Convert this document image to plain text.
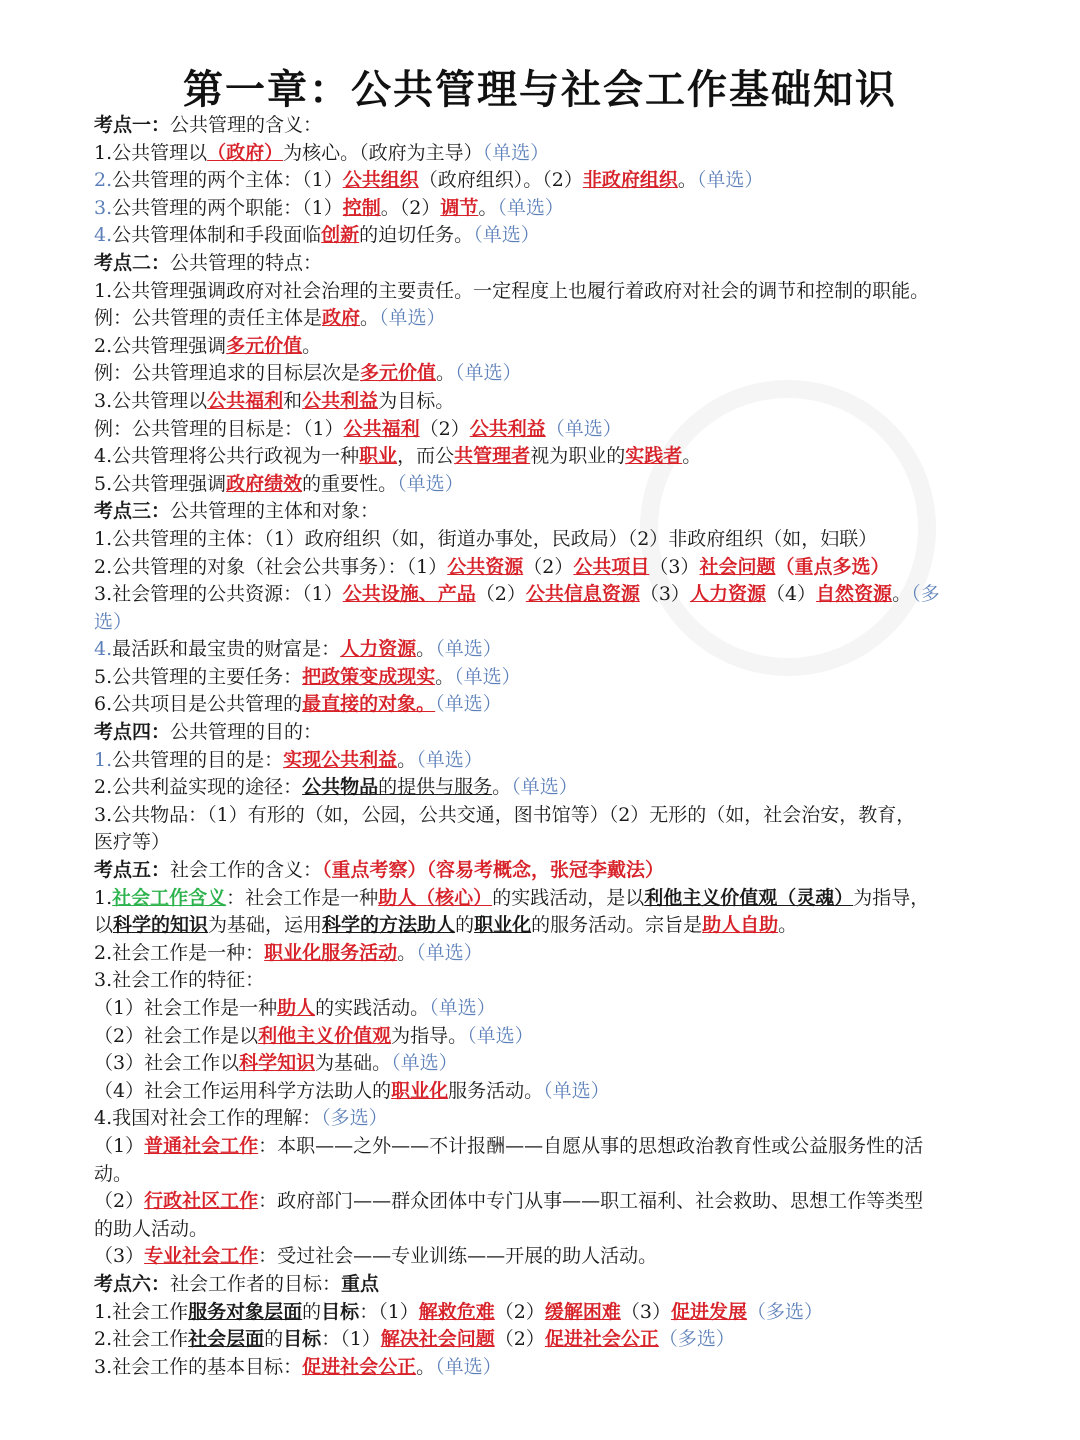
第一章：公共管理与社会工作基础知识
考点一：公共管理的含义：
1.公共管理以（政府）为核心。（政府为主导）（单选）
2.公共管理的两个主体：（1）公共组织（政府组织）。（2）非政府组织。（单选）
3.公共管理的两个职能：（1）控制。（2）调节。（单选）
4.公共管理体制和手段面临创新的迫切任务。（单选）
考点二：公共管理的特点：
1.公共管理强调政府对社会治理的主要责任。一定程度上也履行着政府对社会的调节和控制的职能。
例：公共管理的责任主体是政府。（单选）
2.公共管理强调多元价值。
例：公共管理追求的目标层次是多元价值。（单选）
3.公共管理以公共福利和公共利益为目标。
例：公共管理的目标是：（1）公共福利（2）公共利益（单选）
4.公共管理将公共行政视为一种职业，而公共管理者视为职业的实践者。
5.公共管理强调政府绩效的重要性。（单选）
考点三：公共管理的主体和对象：
1.公共管理的主体：（1）政府组织（如，街道办事处，民政局）（2）非政府组织（如，妇联）
2.公共管理的对象（社会公共事务）：（1）公共资源（2）公共项目（3）社会问题（重点多选）
3.社会管理的公共资源：（1）公共设施、产品（2）公共信息资源（3）人力资源（4）自然资源。（多
选）
4.最活跃和最宝贵的财富是：人力资源。（单选）
5.公共管理的主要任务：把政策变成现实。（单选）
6.公共项目是公共管理的最直接的对象。（单选）
考点四：公共管理的目的：
1.公共管理的目的是：实现公共利益。（单选）
2.公共利益实现的途径：公共物品的提供与服务。（单选）
3.公共物品：（1）有形的（如，公园，公共交通，图书馆等）（2）无形的（如，社会治安，教育，
医疗等）
考点五：社会工作的含义：（重点考察）（容易考概念，张冠李戴法）
1.社会工作含义：社会工作是一种助人（核心）的实践活动，是以利他主义价值观（灵魂）为指导，
以科学的知识为基础，运用科学的方法助人的职业化的服务活动。宗旨是助人自助。
2.社会工作是一种：职业化服务活动。（单选）
3.社会工作的特征：
（1）社会工作是一种助人的实践活动。（单选）
（2）社会工作是以利他主义价值观为指导。（单选）
（3）社会工作以科学知识为基础。（单选）
（4）社会工作运用科学方法助人的职业化服务活动。（单选）
4.我国对社会工作的理解：（多选）
（1）普通社会工作：本职——之外——不计报酬——自愿从事的思想政治教育性或公益服务性的活
动。
（2）行政社区工作：政府部门——群众团体中专门从事——职工福利、社会救助、思想工作等类型
的助人活动。
（3）专业社会工作：受过社会——专业训练——开展的助人活动。
考点六：社会工作者的目标：重点
1.社会工作服务对象层面的目标：（1）解救危难（2）缓解困难（3）促进发展（多选）
2.社会工作社会层面的目标：（1）解决社会问题（2）促进社会公正（多选）
3.社会工作的基本目标：促进社会公正。（单选）
